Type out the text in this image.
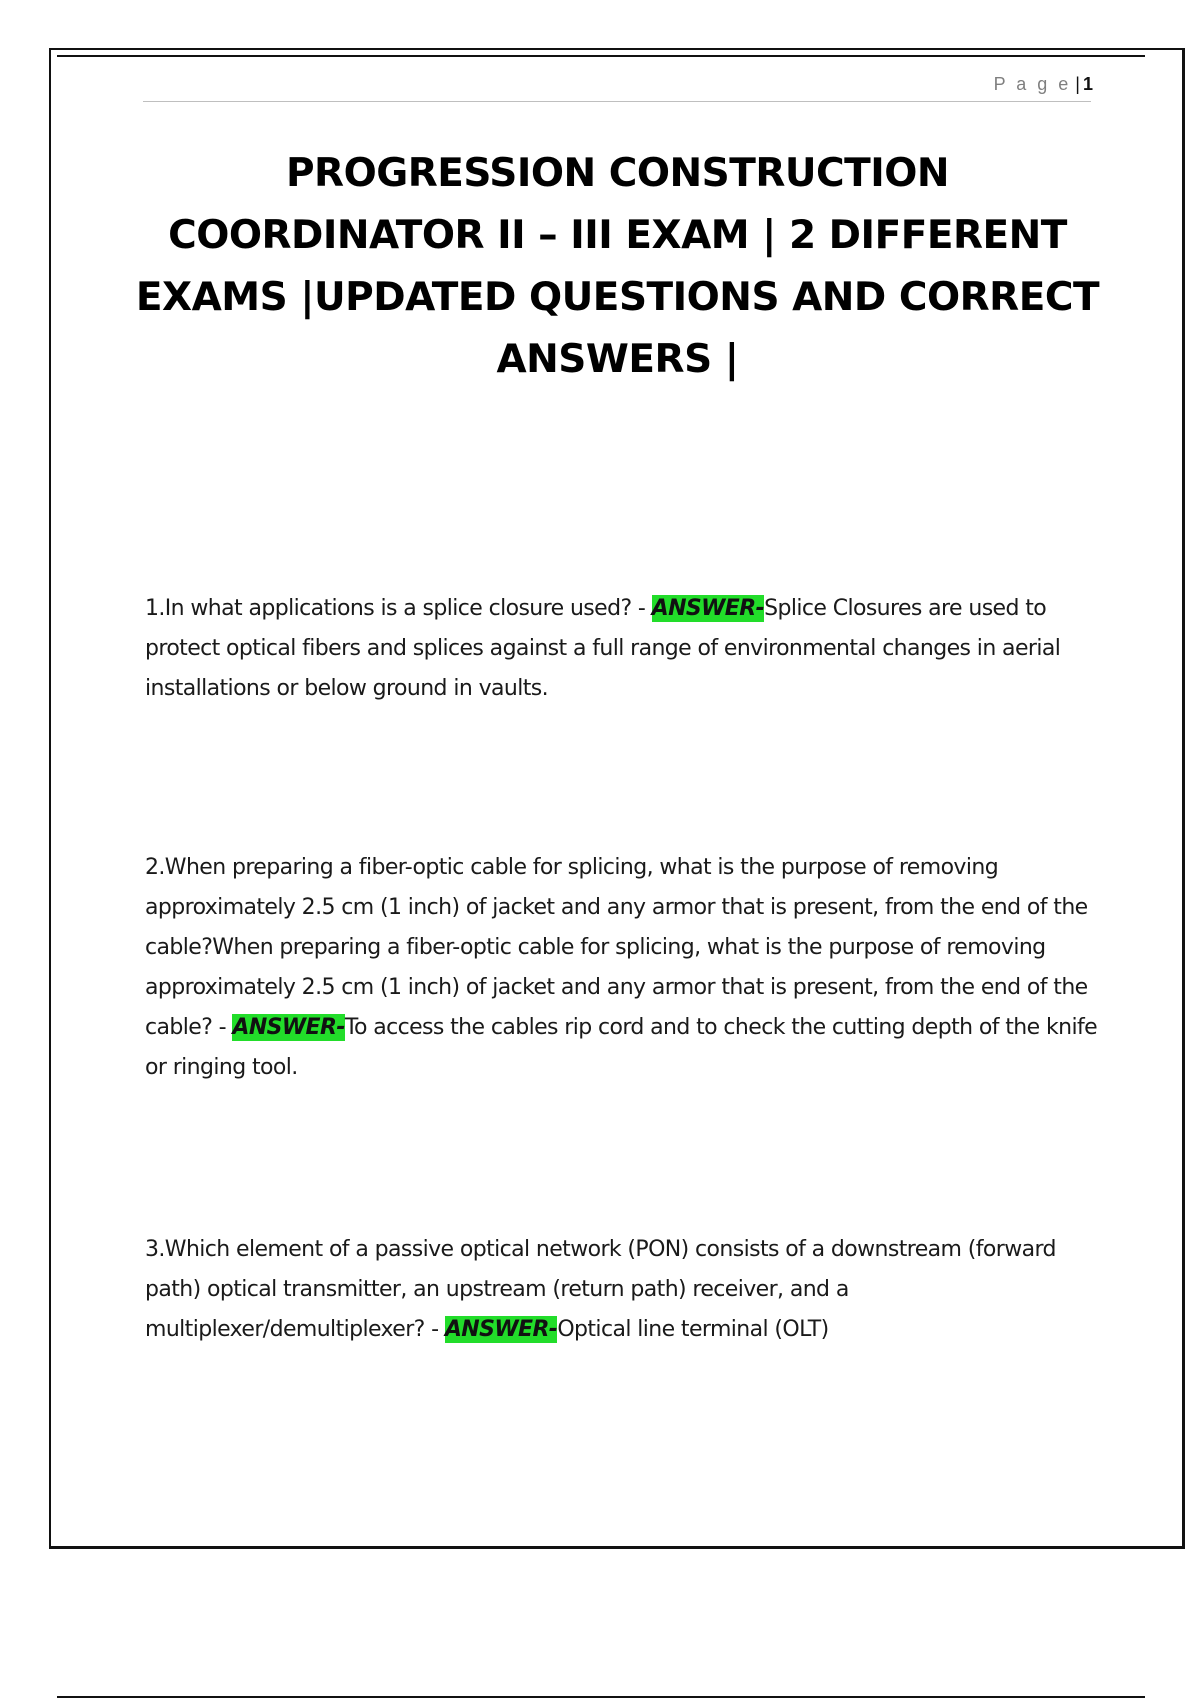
P a g e | 1
PROGRESSION CONSTRUCTION COORDINATOR II – III EXAM | 2 DIFFERENT EXAMS |UPDATED QUESTIONS AND CORRECT ANSWERS |

1.In what applications is a splice closure used? - ANSWER-Splice Closures are used to protect optical fibers and splices against a full range of environmental changes in aerial installations or below ground in vaults.

2.When preparing a fiber-optic cable for splicing, what is the purpose of removing approximately 2.5 cm (1 inch) of jacket and any armor that is present, from the end of the cable?When preparing a fiber-optic cable for splicing, what is the purpose of removing approximately 2.5 cm (1 inch) of jacket and any armor that is present, from the end of the cable? - ANSWER-To access the cables rip cord and to check the cutting depth of the knife or ringing tool.

3.Which element of a passive optical network (PON) consists of a downstream (forward path) optical transmitter, an upstream (return path) receiver, and a multiplexer/demultiplexer? - ANSWER-Optical line terminal (OLT)
